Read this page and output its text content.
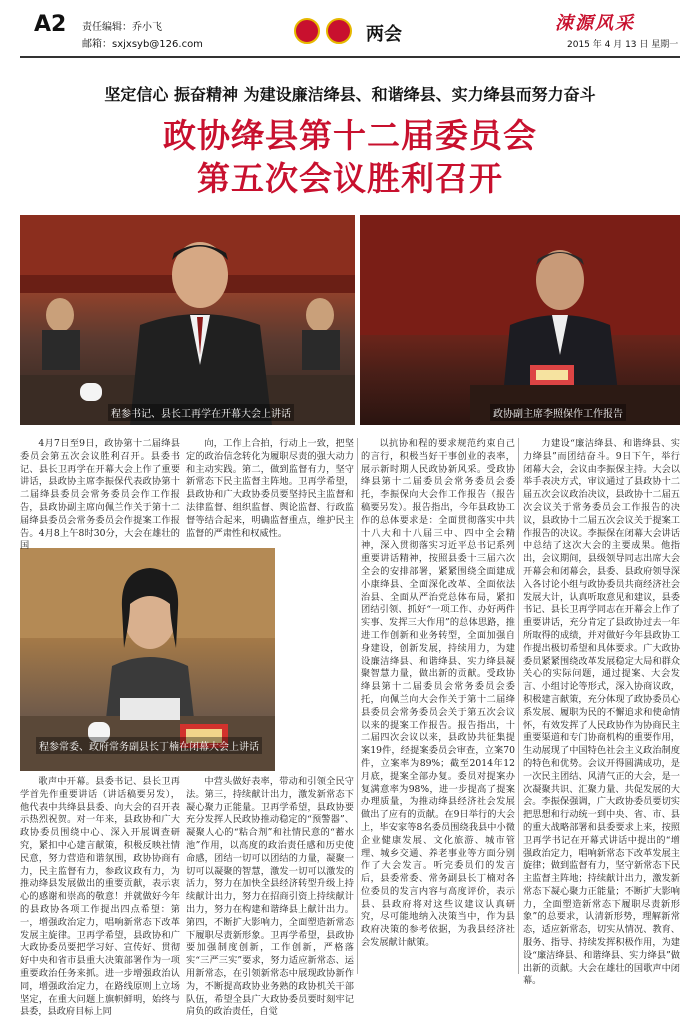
A2 责任编辑：乔小飞
邮箱：sxjxsyb@126.com	两会
涑源风采
2015 年 4 月 13 日 星期一
坚定信心 振奋精神 为建设廉洁绛县、和谐绛县、实力绛县而努力奋斗
政协绛县第十二届委员会
第五次会议胜利召开
程参书记、县长工再学在开幕大会上讲话	政协副主席李照保作工作报告
程参常委、政府常务副县长丁楠在闭幕大会上讲话

4月7日至9日，政协第十二届绛县委员会第五次会议胜利召开。县委书记、县长卫再学在开幕大会上作了重要讲话，县政协主席李振保代表政协第十二届绛县委员会常务委员会作工作报告，县政协副主席向佩兰作关于第十二届绛县委员会常务委员会作提案工作报告。4月8上午8时30分，大会在雄壮的国

向，工作上合拍，行动上一致，把坚定的政治信念转化为履职尽责的强大动力和主动实践。第二，做到监督有力，坚守新常态下民主监督主阵地。卫再学希望，县政协和广大政协委员要坚持民主监督和法律监督、组织监督、舆论监督、行政监督等结合起来，明确监督重点，维护民主监督的严肃性和权威性。

歌声中开幕。县委书记、县长卫再学首先作重要讲话（讲话稿要另发），他代表中共绛县县委、向大会的召开表示热烈祝贺。对一年来，县政协和广大政协委员围绕中心、深入开展调查研究，紧扣中心建言献策，积极反映社情民意，努力营造和谐氛围，政协协商有力，民主监督有力，参政议政有力，为推动绛县发展做出的重要贡献，表示衷心的感谢和崇高的敬意！并就做好今年的县政协各项工作提出四点希望：第一，增强政治定力，唱响新常态下改革发展主旋律。卫再学希望，县政协和广大政协委员要把学习好、宣传好、贯彻好中央和省市县重大决策部署作为一项重要政治任务来抓。进一步增强政治认同，增强政治定力，在路线原则上立场坚定，在重大问题上旗帜鲜明，始终与县委，县政府目标上同

中营头做好表率，带动和引领全民守法。第三，持续献计出力，激发新常态下凝心聚力正能量。卫再学希望，县政协要充分发挥人民政协推动稳定的“预警器”、凝聚人心的“粘合剂”和社情民意的“蓄水池”作用，以高度的政治责任感和历史使命感，团结一切可以团结的力量，凝聚一切可以凝聚的智慧，激发一切可以激发的活力，努力在加快全县经济转型升级上持续献计出力，努力在招商引资上持续献计出力，努力在构建和谐绛县上献计出力。第四，不断扩大影响力，全面塑造新常态下履职尽责新形象。卫再学希望，县政协要加强制度创新，工作创新，严格落实“三严三实”要求，努力适应新常态、运用新常态，在引领新常态中展现政协新作为，不断提高政协业务熟的政协机关干部队伍，希望全县广大政协委员要时刻牢记肩负的政治责任，自觉

以抗协和程的要求规范约束自己的言行，积极当好干事创业的表率，展示新时期人民政协新风采。受政协绛县第十二届委员会常务委员会委托，李振保向大会作工作报告（报告稿要另发）。报告指出，今年县政协工作的总体要求是：全面贯彻落实中共十八大和十八届三中、四中全会精神，深入贯彻落实习近平总书记系列重要讲话精神，按照县委十三届六次全会的安排部署，紧紧围绕全面建成小康绛县、全面深化改革、全面依法治县、全面从严治党总体布局，紧扣团结引领、抓好“一项工作、办好两件实事、发挥三大作用”的总体思路，推进工作创新和业务转型，全面加强自身建设，创新发展，持续用力，为建设廉洁绛县、和谐绛县、实力绛县凝聚智慧力量，做出新的贡献。受政协绛县第十二届委员会常务委员会委托，向佩兰向大会作关于第十二届绛县委员会常务委员会关于第五次会议以来的提案工作报告。报告指出，十二届四次会议以来，县政协共征集提案19件，经提案委员会审查，立案70件，立案率为89%；截至2014年12月底，提案全部办复。委员对提案办复满意率为98%，进一步提高了提案办理质量，为推动绛县经济社会发展做出了应有的贡献。在9日举行的大会上，毕安家等8名委员围绕我县中小微企业健康发展、文化旅游、城市管理、城乡交通、养老事业等方面分别作了大会发言。听完委员们的发言后，县委常委、常务副县长丁楠对各位委员的发言内容与高度评价，表示县、县政府将对这些议建议认真研究，尽可能地纳入决策当中，作为县政府决策的参考依据，为我县经济社会发展献计献策。

力建设“廉洁绛县、和谐绛县、实力绛县”而团结奋斗。9日下午，举行闭幕大会，会议由李振保主持。大会以举手表决方式，审议通过了县政协十二届五次会议政治决议，县政协十二届五次会议关于常务委员会工作报告的决议，县政协十二届五次会议关于提案工作报告的决议。李振保在闭幕大会讲话中总结了这次大会的主要成果。他指出，会议期间，县级领导同志出席大会开幕会和闭幕会，县委、县政府领导深入各讨论小组与政协委员共商经济社会发展大计，认真听取意见和建议，县委书记、县长卫再学同志在开幕会上作了重要讲话，充分肯定了县政协过去一年所取得的成绩，并对做好今年县政协工作提出极切希望和具体要求。广大政协委员紧紧围绕改革发展稳定大局和群众关心的实际问题，通过提案、大会发言、小组讨论等形式，深入协商议政，积极建言献策，充分体现了政协委员心系发展、履职为民的不懈追求和使命情怀，有效发挥了人民政协作为协商民主重要渠道和专门协商机构的重要作用，生动展现了中国特色社会主义政治制度的特色和优势。会议开得圆满成功，是一次民主团结、风清气正的大会，是一次凝聚共识、汇聚力量、共促发展的大会。李振保强调，广大政协委员要切实把思想和行动统一到中央、省、市、县的重大战略部署和县委要求上来，按照卫再学书记在开幕式讲话中提出的“增强政治定力，唱响新常态下改革发展主旋律；做到监督有力，坚守新常态下民主监督主阵地；持续献计出力，激发新常态下凝心聚力正能量；不断扩大影响力，全面塑造新常态下履职尽责新形象”的总要求，认清新形势，理解新常态，适应新常态，切实从情况、教育、服务、指导、持续发挥积极作用，为建设“廉洁绛县、和谐绛县、实力绛县”做出新的贡献。大会在雄壮的国歌声中闭幕。
